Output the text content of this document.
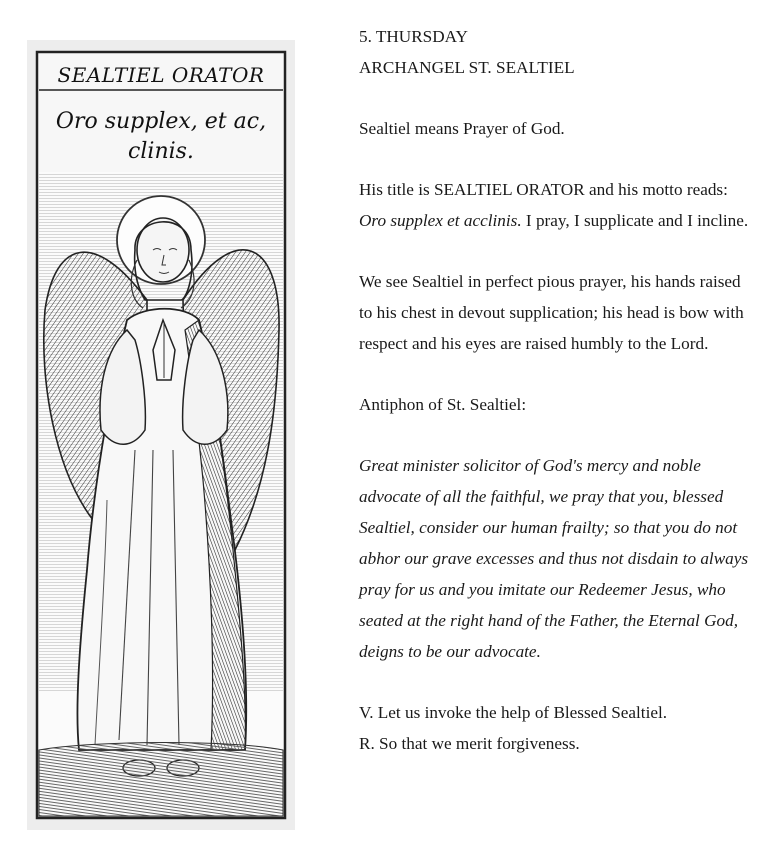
SEALTIEL ORATOR
Oro supplex, et ac,
clinis.

5. THURSDAY
ARCHANGEL ST. SEALTIEL

Sealtiel means Prayer of God.

His title is SEALTIEL ORATOR and his motto reads: Oro supplex et acclinis. I pray, I supplicate and I incline.

We see Sealtiel in perfect pious prayer, his hands raised to his chest in devout supplication; his head is bow with respect and his eyes are raised humbly to the Lord.

Antiphon of St. Sealtiel:

Great minister solicitor of God's mercy and noble advocate of all the faithful, we pray that you, blessed Sealtiel, consider our human frailty; so that you do not abhor our grave excesses and thus not disdain to always pray for us and you imitate our Redeemer Jesus, who seated at the right hand of the Father, the Eternal God, deigns to be our advocate.

V. Let us invoke the help of Blessed Sealtiel.
R. So that we merit forgiveness.
